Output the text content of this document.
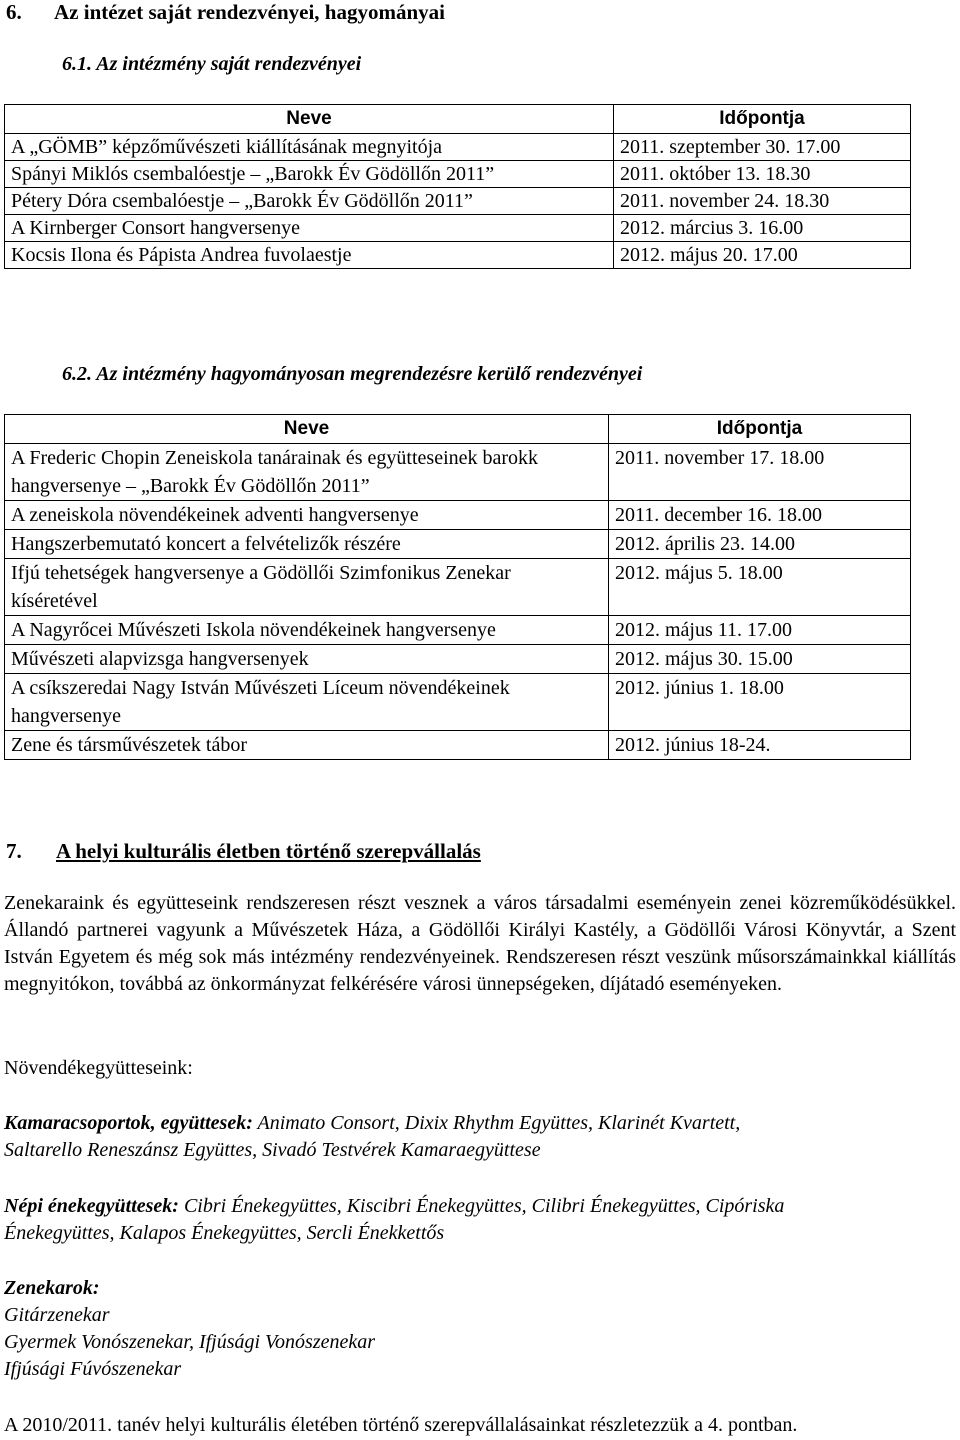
6. Az intézet saját rendezvényei, hagyományai
6.1. Az intézmény saját rendezvényei
Neve	Időpontja
A „GÖMB” képzőművészeti kiállításának megnyitója	2011. szeptember 30. 17.00
Spányi Miklós csembalóestje – „Barokk Év Gödöllőn 2011”	2011. október 13. 18.30
Pétery Dóra csembalóestje – „Barokk Év Gödöllőn 2011”	2011. november 24. 18.30
A Kirnberger Consort hangversenye	2012. március 3. 16.00
Kocsis Ilona és Pápista Andrea fuvolaestje	2012. május 20. 17.00
6.2. Az intézmény hagyományosan megrendezésre kerülő rendezvényei
Neve	Időpontja
A Frederic Chopin Zeneiskola tanárainak és együtteseinek barokk hangversenye – „Barokk Év Gödöllőn 2011”	2011. november 17. 18.00
A zeneiskola növendékeinek adventi hangversenye	2011. december 16. 18.00
Hangszerbemutató koncert a felvételizők részére	2012. április 23. 14.00
Ifjú tehetségek hangversenye a Gödöllői Szimfonikus Zenekar kíséretével	2012. május 5. 18.00
A Nagyrőcei Művészeti Iskola növendékeinek hangversenye	2012. május 11. 17.00
Művészeti alapvizsga hangversenyek	2012. május 30. 15.00
A csíkszeredai Nagy István Művészeti Líceum növendékeinek hangversenye	2012. június 1. 18.00
Zene és társművészetek tábor	2012. június 18-24.
7. A helyi kulturális életben történő szerepvállalás

Zenekaraink és együtteseink rendszeresen részt vesznek a város társadalmi eseményein zenei közreműködésükkel. Állandó partnerei vagyunk a Művészetek Háza, a Gödöllői Királyi Kastély, a Gödöllői Városi Könyvtár, a Szent István Egyetem és még sok más intézmény rendezvényeinek. Rendszeresen részt veszünk műsorszámainkkal kiállítás megnyitókon, továbbá az önkormányzat felkérésére városi ünnepségeken, díjátadó eseményeken.

Növendékegyütteseink:

Kamaracsoportok, együttesek: Animato Consort, Dixix Rhythm Együttes, Klarinét Kvartett,

Saltarello Reneszánsz Együttes, Sivadó Testvérek Kamaraegyüttese

Népi énekegyüttesek: Cibri Énekegyüttes, Kiscibri Énekegyüttes, Cilibri Énekegyüttes, Cipóriska

Énekegyüttes, Kalapos Énekegyüttes, Sercli Énekkettős

Zenekarok:

Gitárzenekar

Gyermek Vonószenekar, Ifjúsági Vonószenekar

Ifjúsági Fúvószenekar

A 2010/2011. tanév helyi kulturális életében történő szerepvállalásainkat részletezzük a 4. pontban.
